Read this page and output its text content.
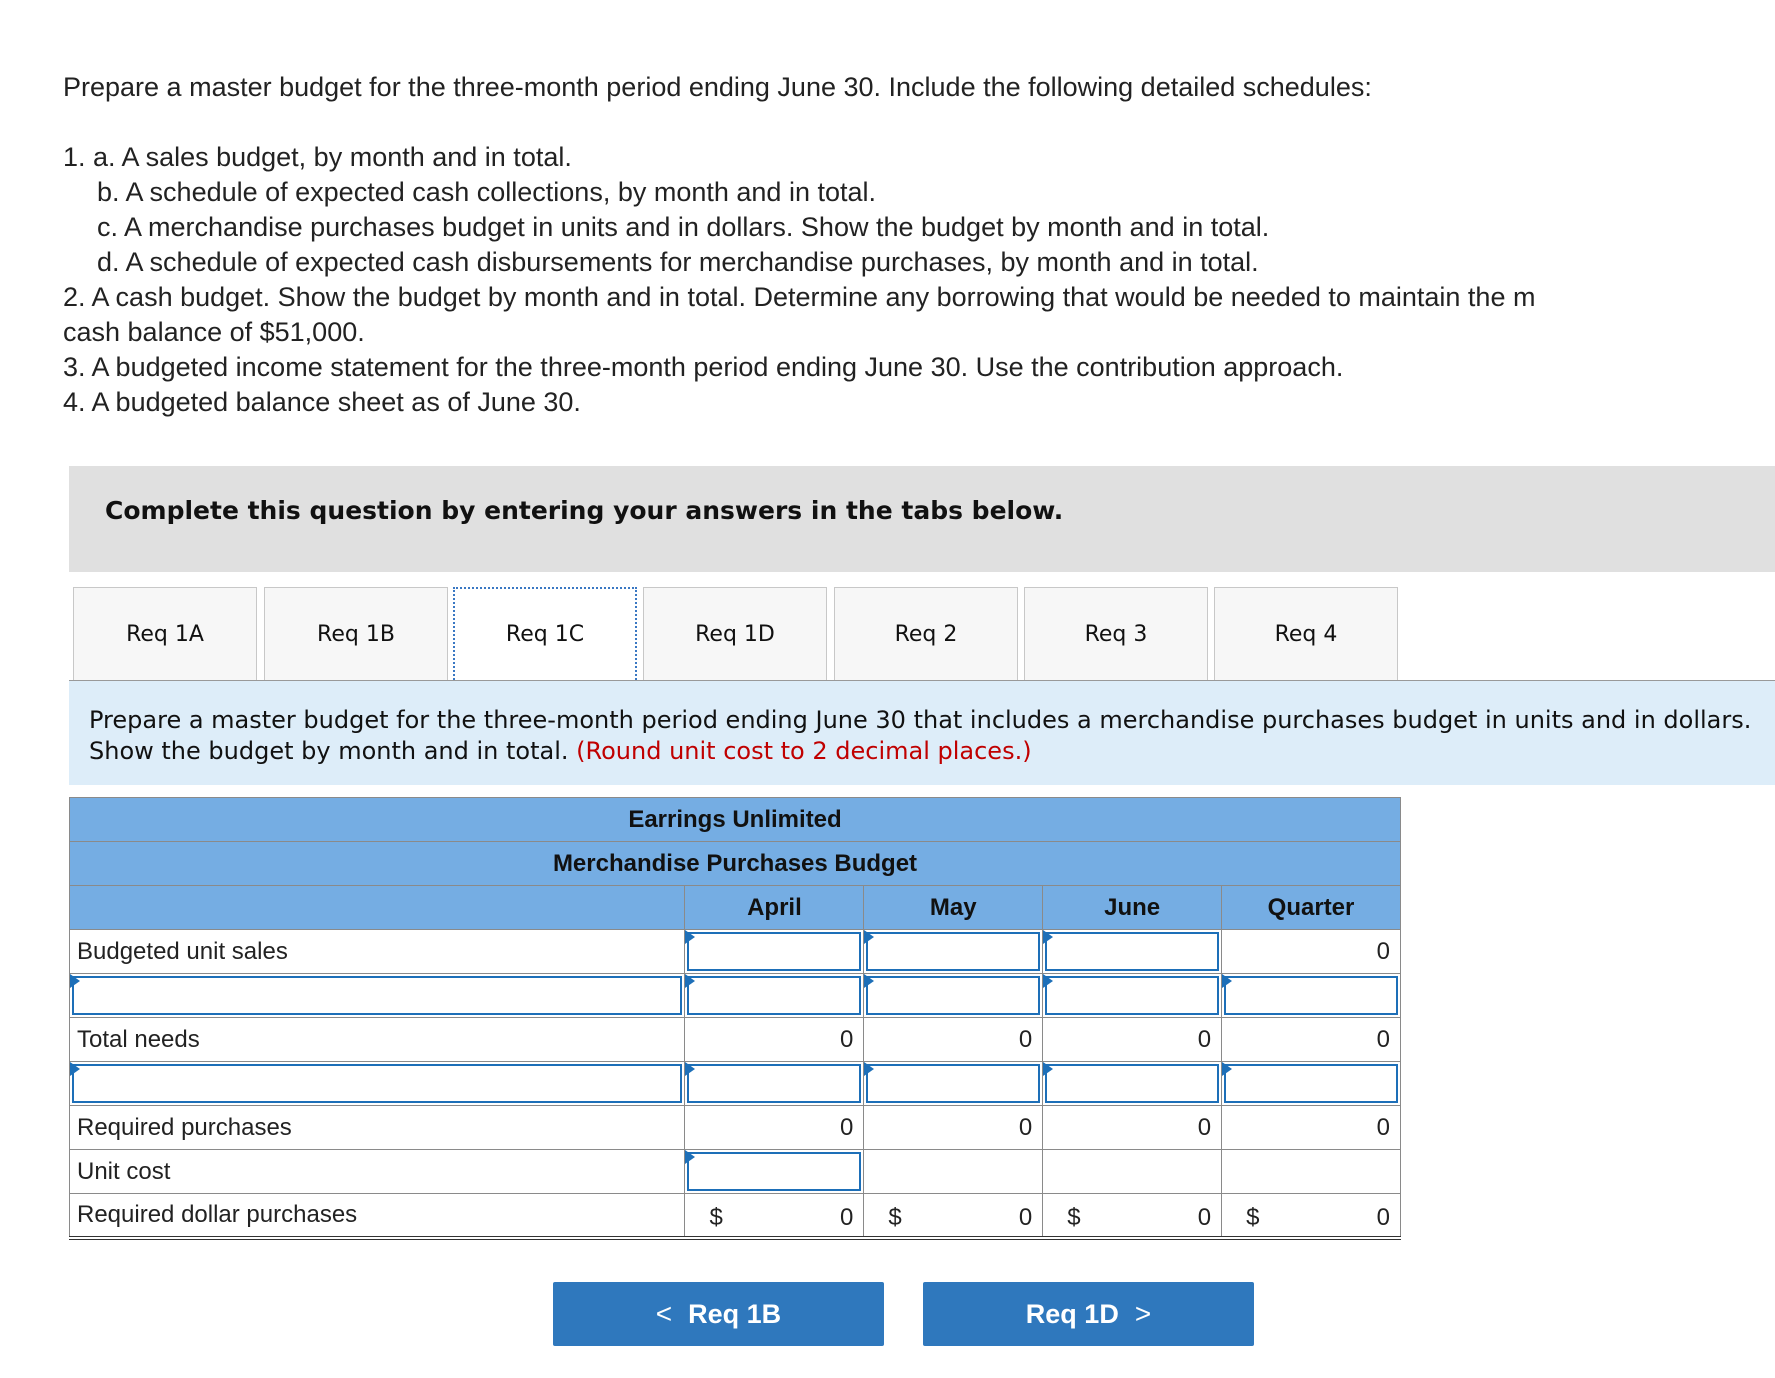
Prepare a master budget for the three-month period ending June 30. Include the following detailed schedules:

1. a. A sales budget, by month and in total.

b. A schedule of expected cash collections, by month and in total.

c. A merchandise purchases budget in units and in dollars. Show the budget by month and in total.

d. A schedule of expected cash disbursements for merchandise purchases, by month and in total.

2. A cash budget. Show the budget by month and in total. Determine any borrowing that would be needed to maintain the m

cash balance of $51,000.

3. A budgeted income statement for the three-month period ending June 30. Use the contribution approach.

4. A budgeted balance sheet as of June 30.

Complete this question by entering your answers in the tabs below.
Req 1A	Req 1B	Req 1C	Req 1D	Req 2	Req 3	Req 4
Prepare a master budget for the three-month period ending June 30 that includes a merchandise purchases budget in units and in dollars. Show the budget by month and in total. (Round unit cost to 2 decimal places.)
Earrings Unlimited				
Merchandise Purchases Budget				
	April	May	June	Quarter
Budgeted unit sales				0

Total needs	0	0	0	0

Required purchases	0	0	0	0
Unit cost	

Required dollar purchases	$ 0	$ 0	$ 0	$ 0
< Req 1B	Req 1D >
